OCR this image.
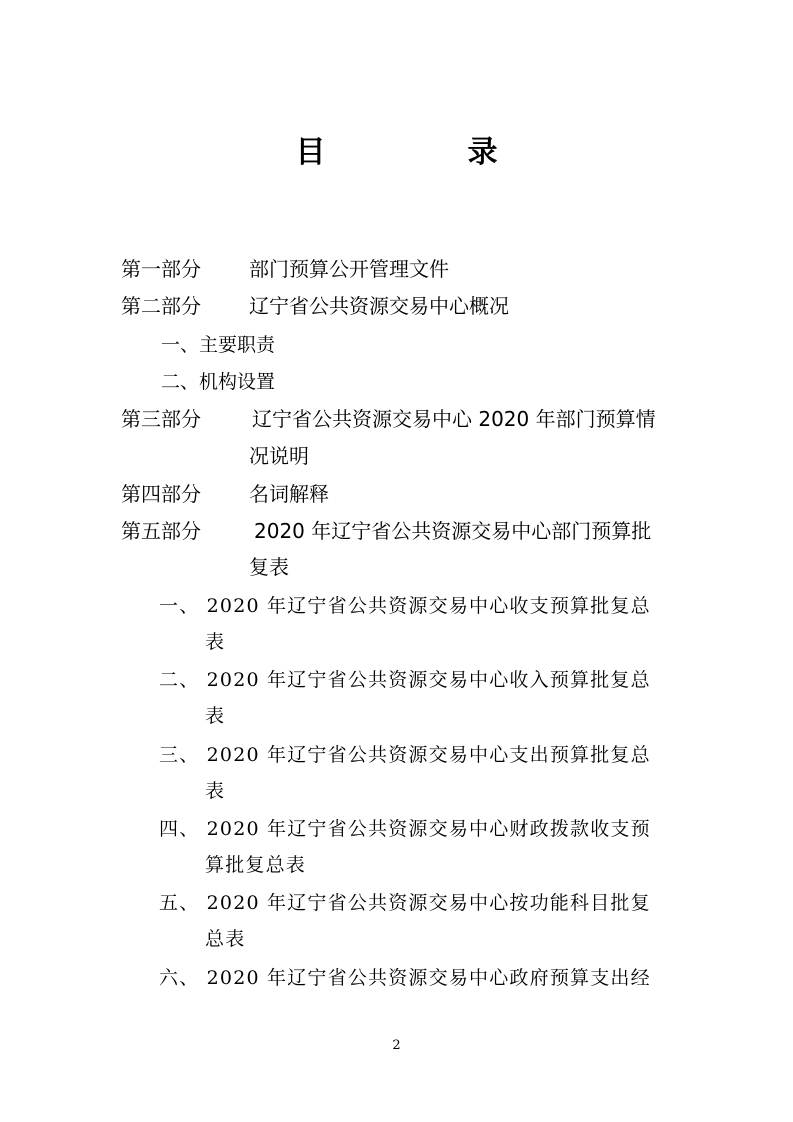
目　录
第一部分 部门预算公开管理文件
第二部分 辽宁省公共资源交易中心概况
一、主要职责
二、机构设置
第三部分	辽宁省公共资源交易中心 2020 年部门预算情
况说明
第四部分 名词解释
第五部分	2020 年辽宁省公共资源交易中心部门预算批
复表
一、 2020 年辽宁省公共资源交易中心收支预算批复总
表
二、 2020 年辽宁省公共资源交易中心收入预算批复总
表
三、 2020 年辽宁省公共资源交易中心支出预算批复总
表
四、 2020 年辽宁省公共资源交易中心财政拨款收支预
算批复总表
五、 2020 年辽宁省公共资源交易中心按功能科目批复
总表
六、 2020 年辽宁省公共资源交易中心政府预算支出经
2
